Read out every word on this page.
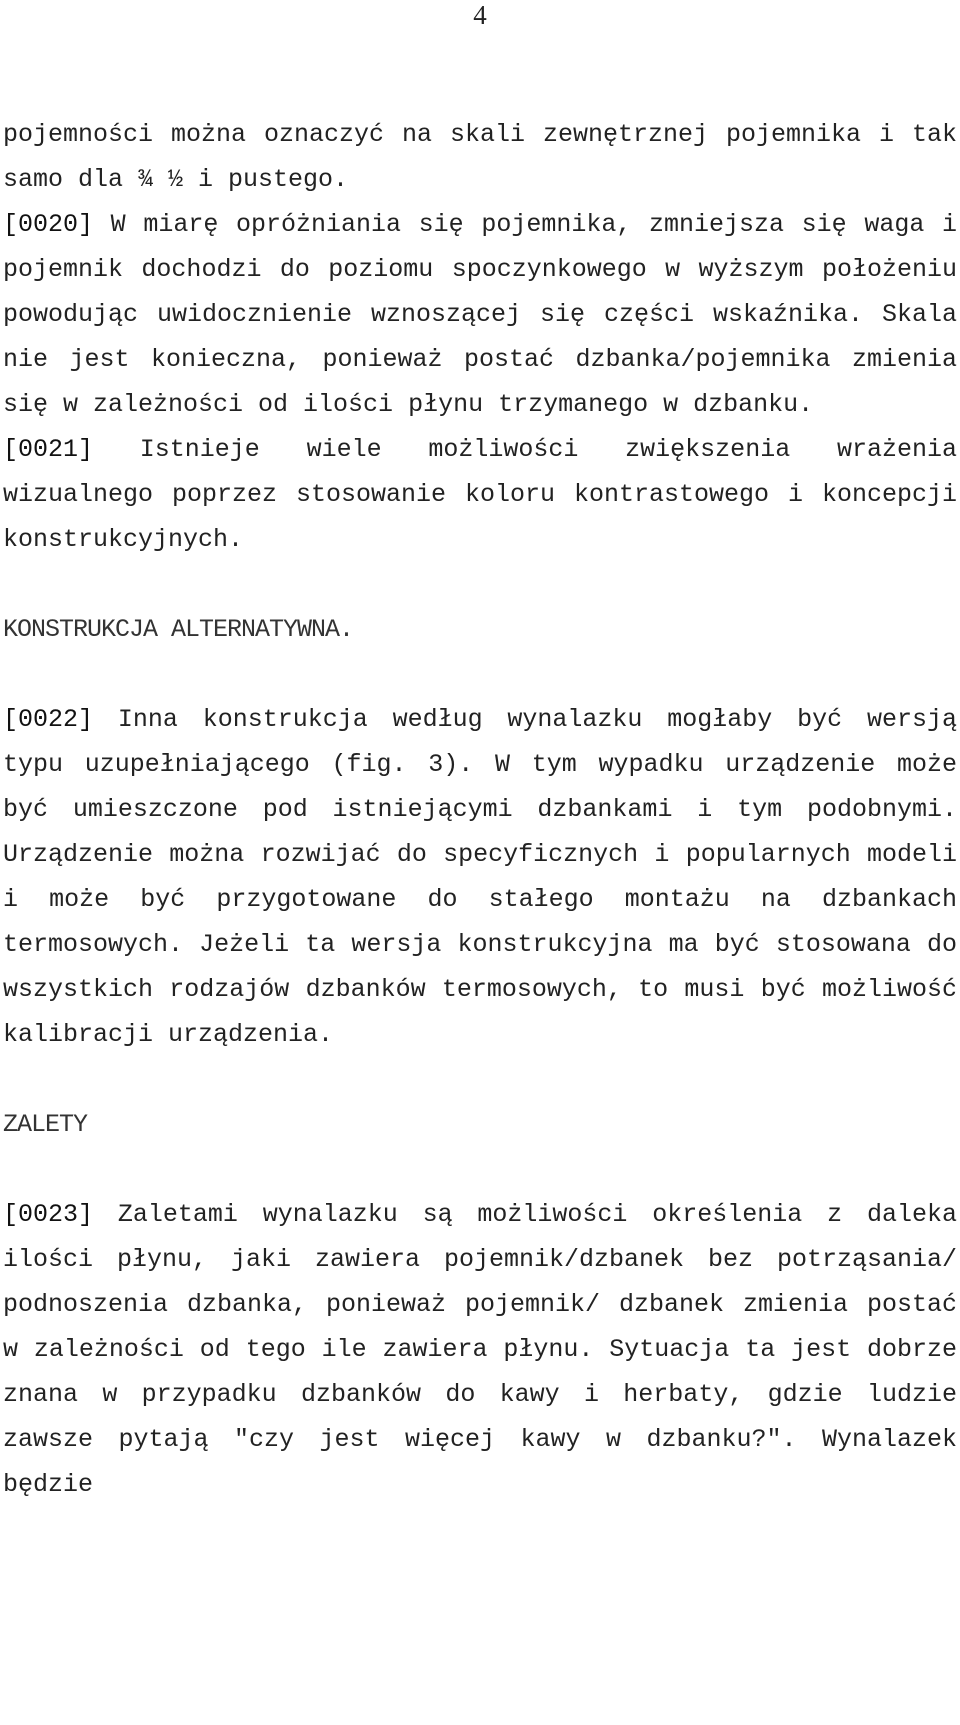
4

pojemności można oznaczyć na skali zewnętrznej pojemnika i tak samo dla ¾ ½ i pustego.

[0020] W miarę opróżniania się pojemnika, zmniejsza się waga i pojemnik dochodzi do poziomu spoczynkowego w wyższym położeniu powodując uwidocznienie wznoszącej się części wskaźnika. Skala nie jest konieczna, ponieważ postać dzbanka/pojemnika zmienia się w zależności od ilości płynu trzymanego w dzbanku.

[0021] Istnieje wiele możliwości zwiększenia wrażenia wizualnego poprzez stosowanie koloru kontrastowego i koncepcji konstrukcyjnych.

KONSTRUKCJA ALTERNATYWNA.

[0022] Inna konstrukcja według wynalazku mogłaby być wersją typu uzupełniającego (fig. 3). W tym wypadku urządzenie może być umieszczone pod istniejącymi dzbankami i tym podobnymi. Urządzenie można rozwijać do specyficznych i popularnych modeli i może być przygotowane do stałego montażu na dzbankach termosowych. Jeżeli ta wersja konstrukcyjna ma być stosowana do wszystkich rodzajów dzbanków termosowych, to musi być możliwość kalibracji urządzenia.

ZALETY

[0023] Zaletami wynalazku są możliwości określenia z daleka ilości płynu, jaki zawiera pojemnik/dzbanek bez potrząsania/ podnoszenia dzbanka, ponieważ pojemnik/ dzbanek zmienia postać w zależności od tego ile zawiera płynu. Sytuacja ta jest dobrze znana w przypadku dzbanków do kawy i herbaty, gdzie ludzie zawsze pytają "czy jest więcej kawy w dzbanku?". Wynalazek będzie
